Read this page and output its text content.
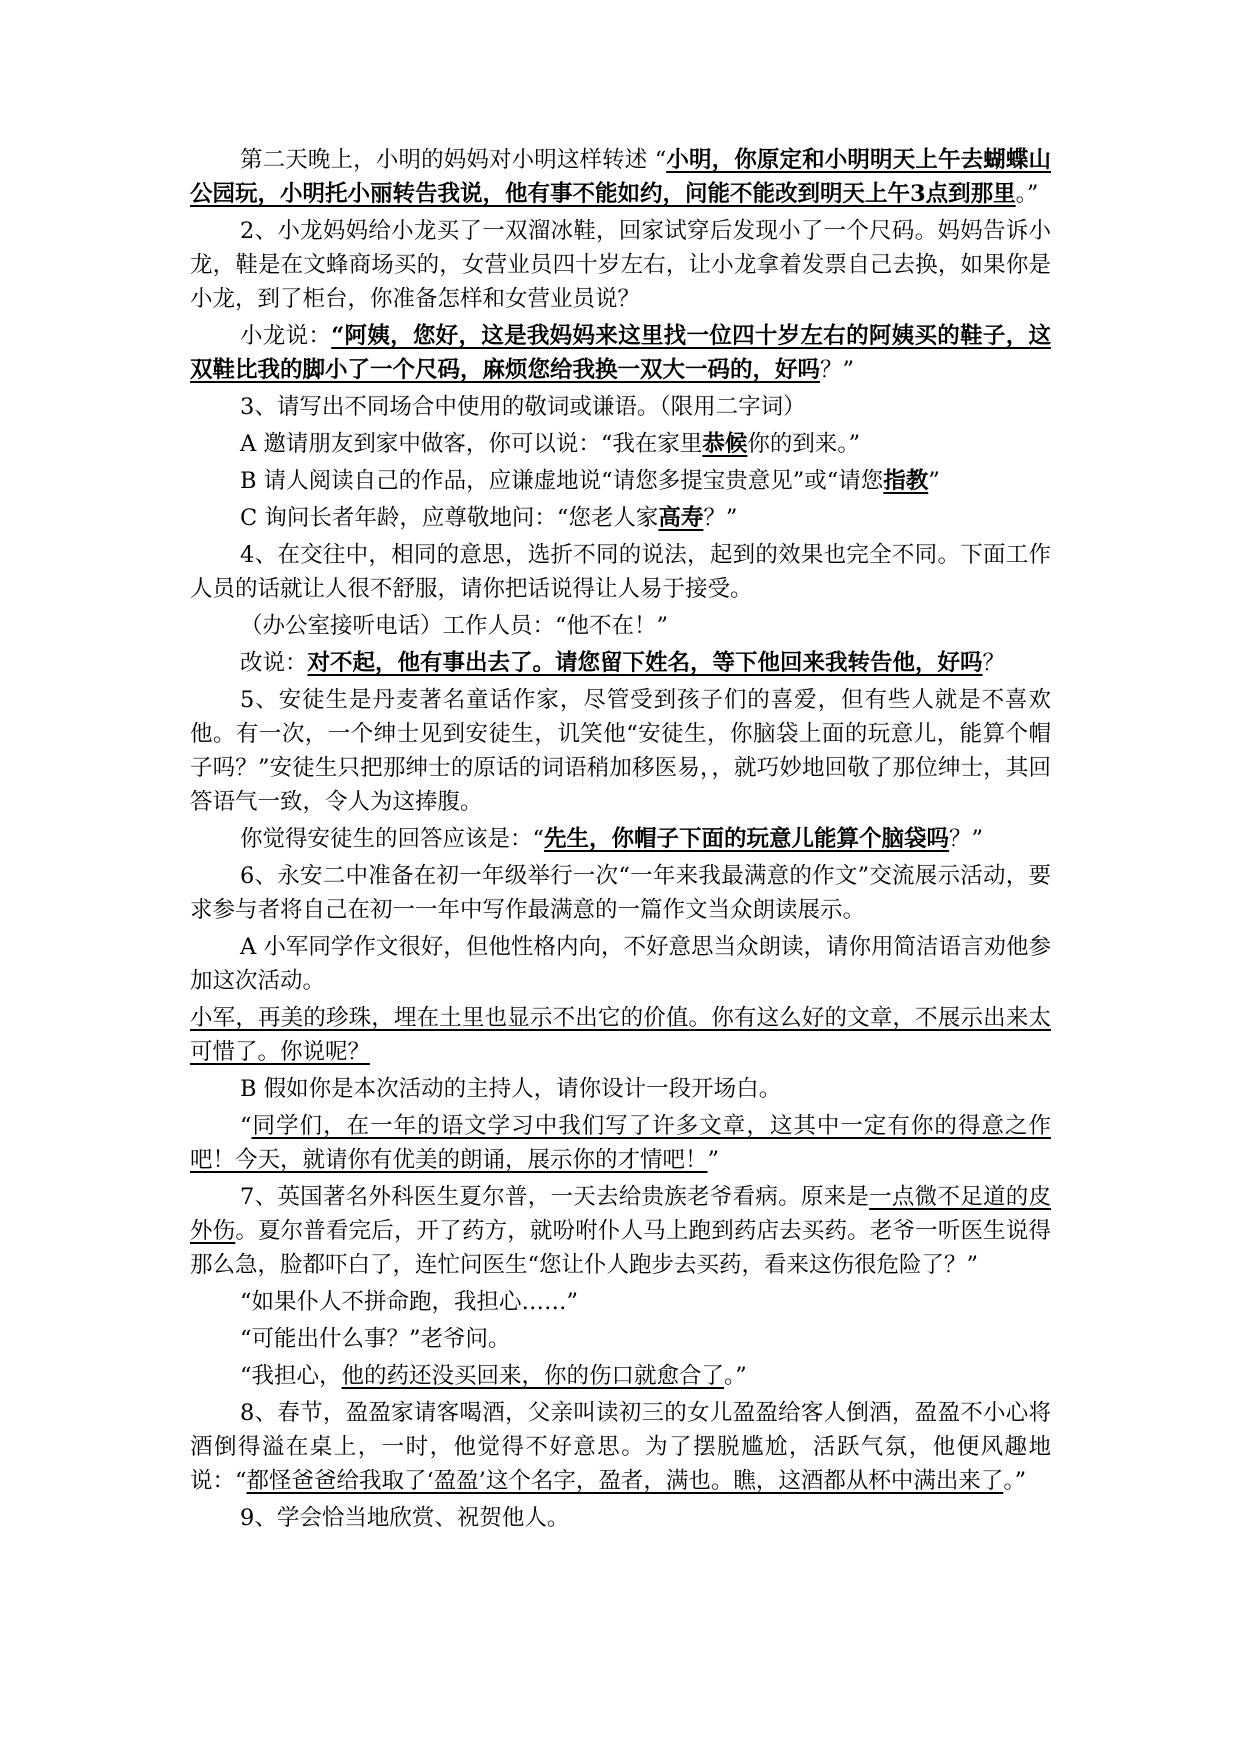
第二天晚上，小明的妈妈对小明这样转述 “小明，你原定和小明明天上午去蝴蝶山公园玩，小明托小丽转告我说，他有事不能如约，问能不能改到明天上午3点到那里。”

2、小龙妈妈给小龙买了一双溜冰鞋，回家试穿后发现小了一个尺码。妈妈告诉小龙，鞋是在文蜂商场买的，女营业员四十岁左右，让小龙拿着发票自己去换，如果你是小龙，到了柜台，你准备怎样和女营业员说？

小龙说：“阿姨，您好，这是我妈妈来这里找一位四十岁左右的阿姨买的鞋子，这双鞋比我的脚小了一个尺码，麻烦您给我换一双大一码的，好吗？”

3、请写出不同场合中使用的敬词或谦语。（限用二字词）

A 邀请朋友到家中做客，你可以说：“我在家里恭候你的到来。”

B 请人阅读自己的作品，应谦虚地说“请您多提宝贵意见”或“请您指教”

C 询问长者年龄，应尊敬地问：“您老人家高寿？”

4、在交往中，相同的意思，选折不同的说法，起到的效果也完全不同。下面工作人员的话就让人很不舒服，请你把话说得让人易于接受。

（办公室接听电话）工作人员：“他不在！”

改说：对不起，他有事出去了。请您留下姓名，等下他回来我转告他，好吗？

5、安徒生是丹麦著名童话作家，尽管受到孩子们的喜爱，但有些人就是不喜欢他。有一次，一个绅士见到安徒生，讥笑他“安徒生，你脑袋上面的玩意儿，能算个帽子吗？”安徒生只把那绅士的原话的词语稍加移医易，，就巧妙地回敬了那位绅士，其回答语气一致，令人为这捧腹。

你觉得安徒生的回答应该是：“先生，你帽子下面的玩意儿能算个脑袋吗？”

6、永安二中准备在初一年级举行一次“一年来我最满意的作文”交流展示活动，要求参与者将自己在初一一年中写作最满意的一篇作文当众朗读展示。

A 小军同学作文很好，但他性格内向，不好意思当众朗读，请你用简洁语言劝他参加这次活动。

小军，再美的珍珠，埋在土里也显示不出它的价值。你有这么好的文章，不展示出来太可惜了。你说呢？

B 假如你是本次活动的主持人，请你设计一段开场白。

“同学们，在一年的语文学习中我们写了许多文章，这其中一定有你的得意之作吧！今天，就请你有优美的朗诵，展示你的才情吧！”

7、英国著名外科医生夏尔普，一天去给贵族老爷看病。原来是一点微不足道的皮外伤。夏尔普看完后，开了药方，就吩咐仆人马上跑到药店去买药。老爷一听医生说得那么急，脸都吓白了，连忙问医生“您让仆人跑步去买药，看来这伤很危险了？”

“如果仆人不拼命跑，我担心……”

“可能出什么事？”老爷问。

“我担心，他的药还没买回来，你的伤口就愈合了。”

8、春节，盈盈家请客喝酒，父亲叫读初三的女儿盈盈给客人倒酒，盈盈不小心将酒倒得溢在桌上，一时，他觉得不好意思。为了摆脱尴尬，活跃气氛，他便风趣地说：“都怪爸爸给我取了‘盈盈’这个名字，盈者，满也。瞧，这酒都从杯中满出来了。”

9、学会恰当地欣赏、祝贺他人。
